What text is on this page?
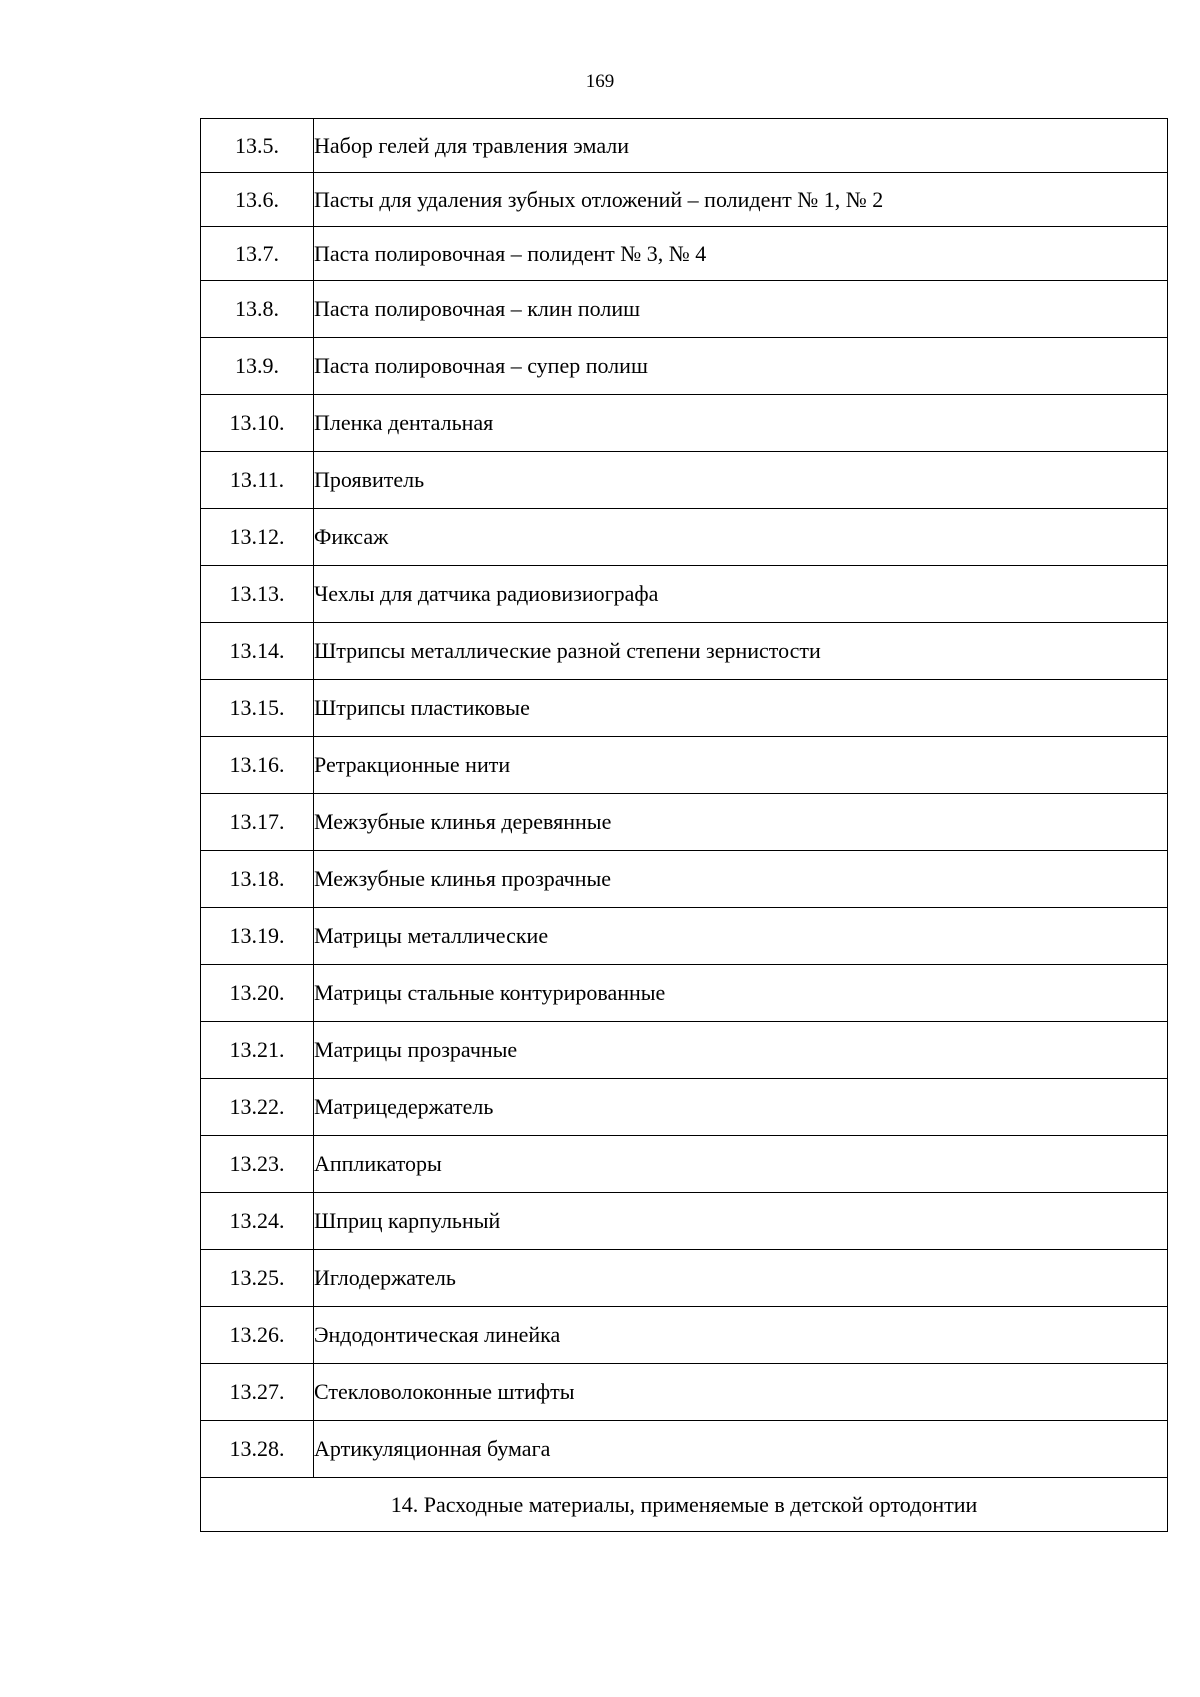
169
13.5.	Набор гелей для травления эмали
13.6.	Пасты для удаления зубных отложений – полидент № 1, № 2
13.7.	Паста полировочная – полидент № 3, № 4
13.8.	Паста полировочная – клин полиш
13.9.	Паста полировочная – супер полиш
13.10.	Пленка дентальная
13.11.	Проявитель
13.12.	Фиксаж
13.13.	Чехлы для датчика радиовизиографа
13.14.	Штрипсы металлические разной степени зернистости
13.15.	Штрипсы пластиковые
13.16.	Ретракционные нити
13.17.	Межзубные клинья деревянные
13.18.	Межзубные клинья прозрачные
13.19.	Матрицы металлические
13.20.	Матрицы стальные контурированные
13.21.	Матрицы прозрачные
13.22.	Матрицедержатель
13.23.	Аппликаторы
13.24.	Шприц карпульный
13.25.	Иглодержатель
13.26.	Эндодонтическая линейка
13.27.	Стекловолоконные штифты
13.28.	Артикуляционная бумага
14. Расходные материалы, применяемые в детской ортодонтии	
